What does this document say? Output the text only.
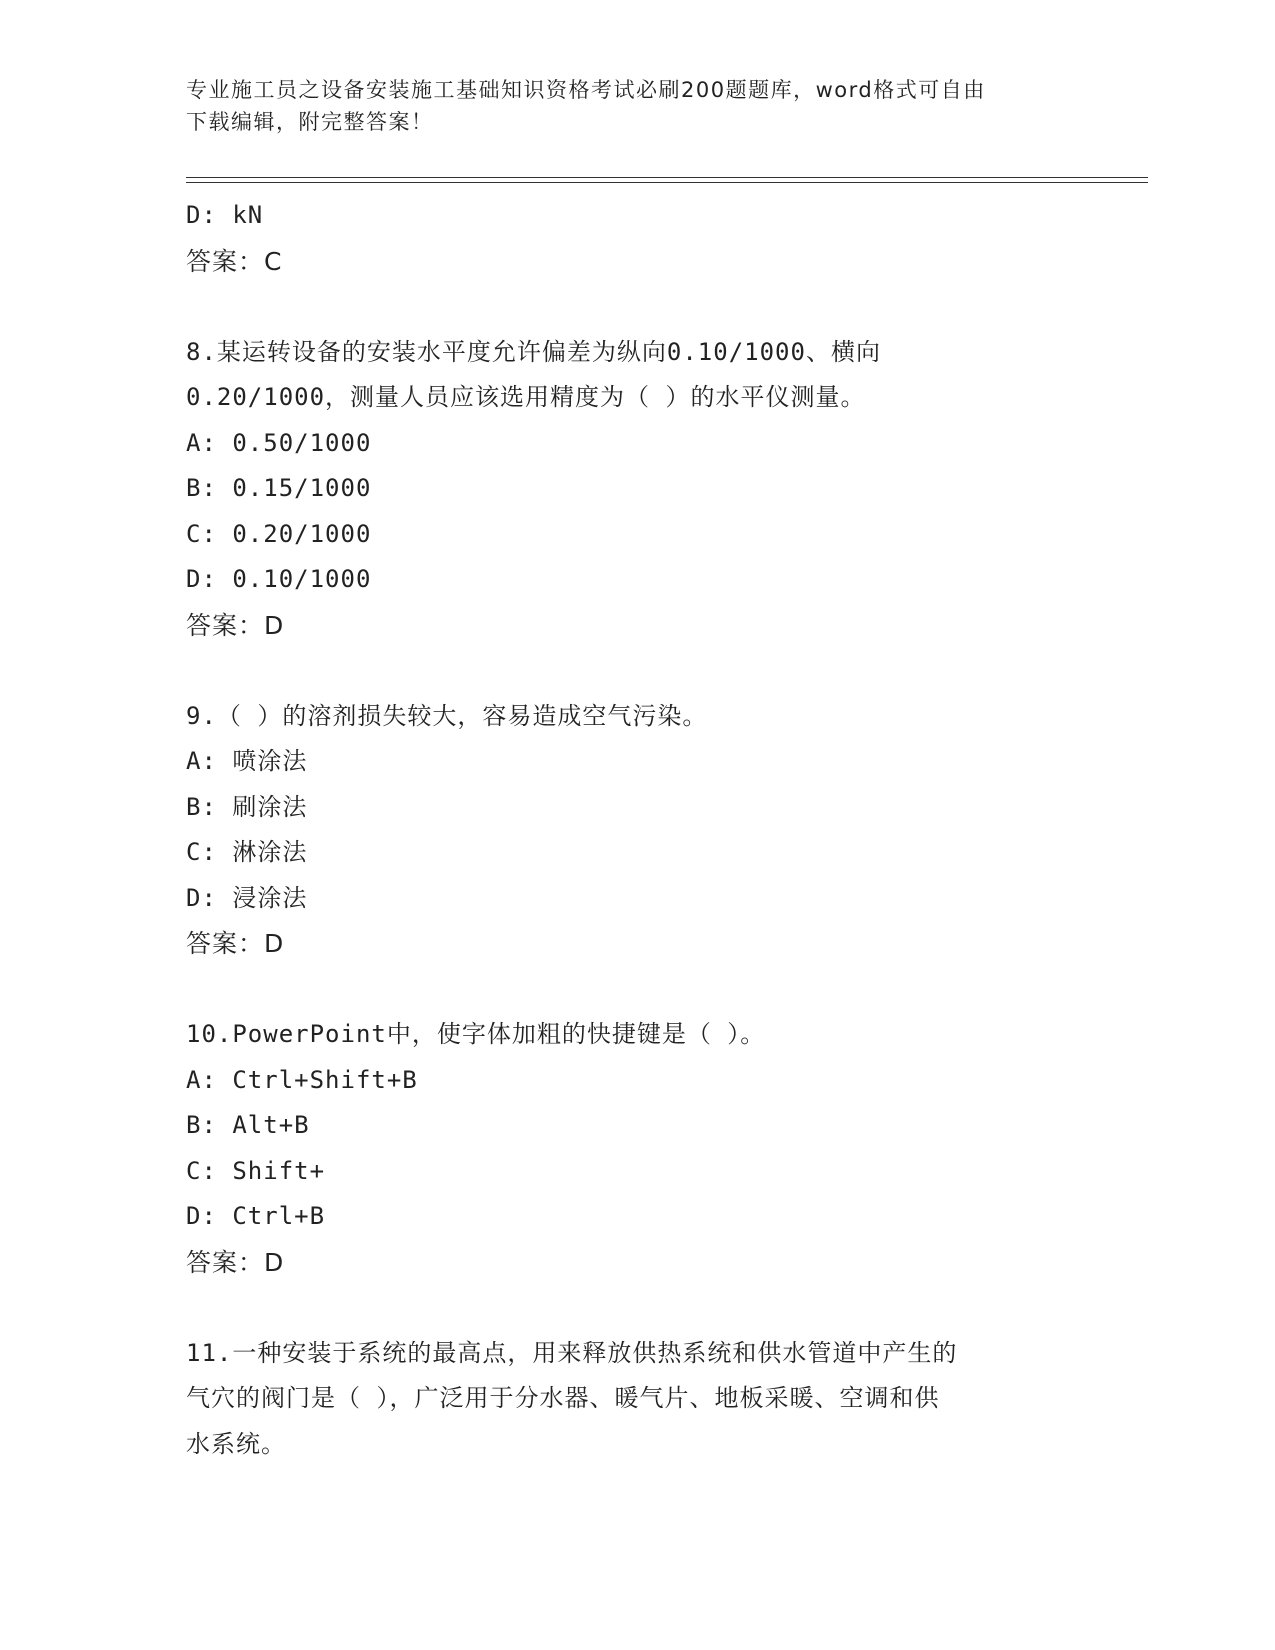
专业施工员之设备安装施工基础知识资格考试必刷200题题库，word格式可自由
下载编辑，附完整答案！
D: kN
答案：C
8.某运转设备的安装水平度允许偏差为纵向0.10/1000、横向
0.20/1000，测量人员应该选用精度为（ ）的水平仪测量。
A: 0.50/1000
B: 0.15/1000
C: 0.20/1000
D: 0.10/1000
答案：D
9.（ ）的溶剂损失较大，容易造成空气污染。
A: 喷涂法
B: 刷涂法
C: 淋涂法
D: 浸涂法
答案：D
10.PowerPoint中，使字体加粗的快捷键是（ ）。
A: Ctrl+Shift+B
B: Alt+B
C: Shift+
D: Ctrl+B
答案：D
11.一种安装于系统的最高点，用来释放供热系统和供水管道中产生的
气穴的阀门是（ ），广泛用于分水器、暖气片、地板采暖、空调和供
水系统。
